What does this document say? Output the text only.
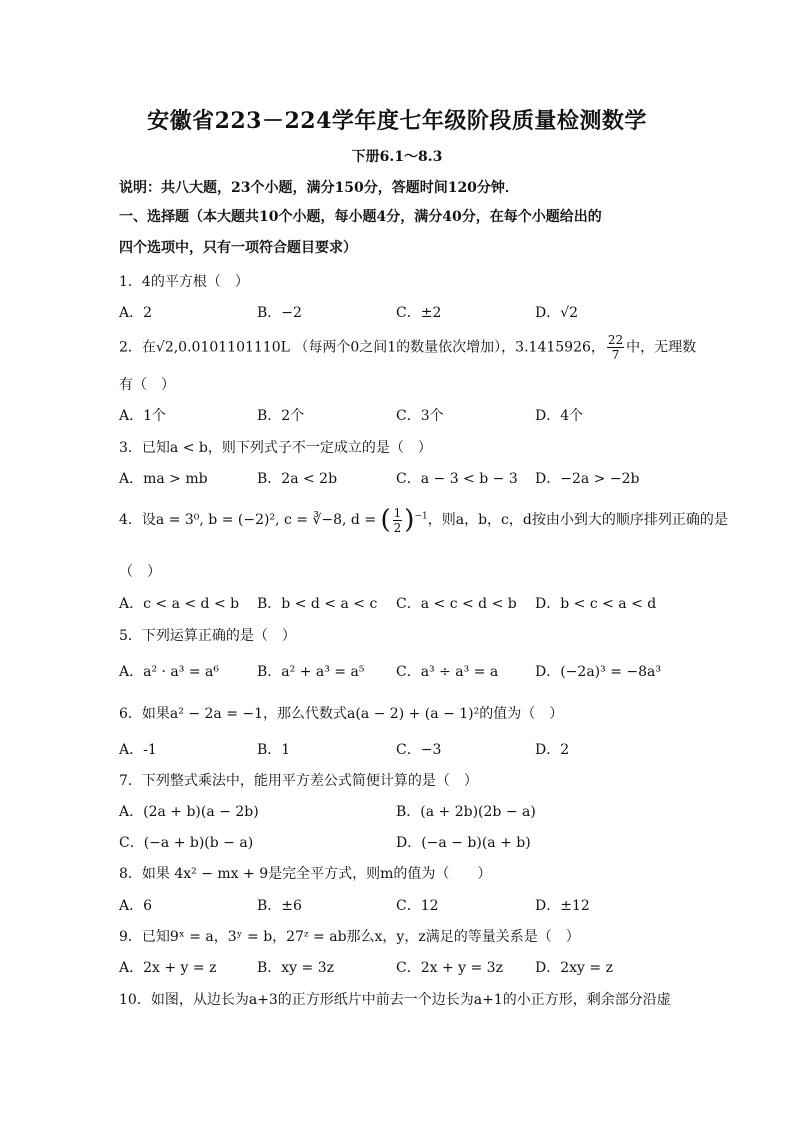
安徽省223－224学年度七年级阶段质量检测数学
下册6.1～8.3
说明：共八大题，23个小题，满分150分，答题时间120分钟．
一、选择题（本大题共10个小题，每小题4分，满分40分，在每个小题给出的
四个选项中，只有一项符合题目要求）
1．4的平方根（　）
A．2	B．−2	C．±2	D．√2
2．在√2,0.0101101110L （每两个0之间1的数量依次增加），3.1415926， $\frac{22}{7}$ 中，无理数
有（　）
A．1个	B．2个	C．3个	D．4个
3．已知a < b，则下列式子不一定成立的是（　）
A．ma > mb	B．2a < 2b	C．a − 3 < b − 3 D．−2a > −2b
4．设a = 3⁰, b = (−2)², c = ∛−8, d = ( $\frac{1}{2} )^{-1}$，则a，b，c，d按由小到大的顺序排列正确的是
（　）
A．c < a < d < b B．b < d < a < c C．a < c < d < b D．b < c < a < d
5．下列运算正确的是（　）
A．a² · a³ = a⁶	B．a² + a³ = a⁵ C．a³ ÷ a³ = a	D．(−2a)³ = −8a³
6．如果a² − 2a = −1，那么代数式a(a − 2) + (a − 1)²的值为（　）
A．-1	B．1	C．−3	D．2
7．下列整式乘法中，能用平方差公式简便计算的是（　）
A．(2a + b)(a − 2b)	B．(a + 2b)(2b − a)
C．(−a + b)(b − a)	D．(−a − b)(a + b)
8．如果 4x² − mx + 9是完全平方式，则m的值为（　　）
A．6	B．±6	C．12	D．±12
9．已知9ˣ = a，3ʸ = b，27ᶻ = ab那么x，y，z满足的等量关系是（　）
A．2x + y = z	B．xy = 3z	C．2x + y = 3z D．2xy = z
10．如图，从边长为a+3的正方形纸片中前去一个边长为a+1的小正方形，剩余部分沿虚
